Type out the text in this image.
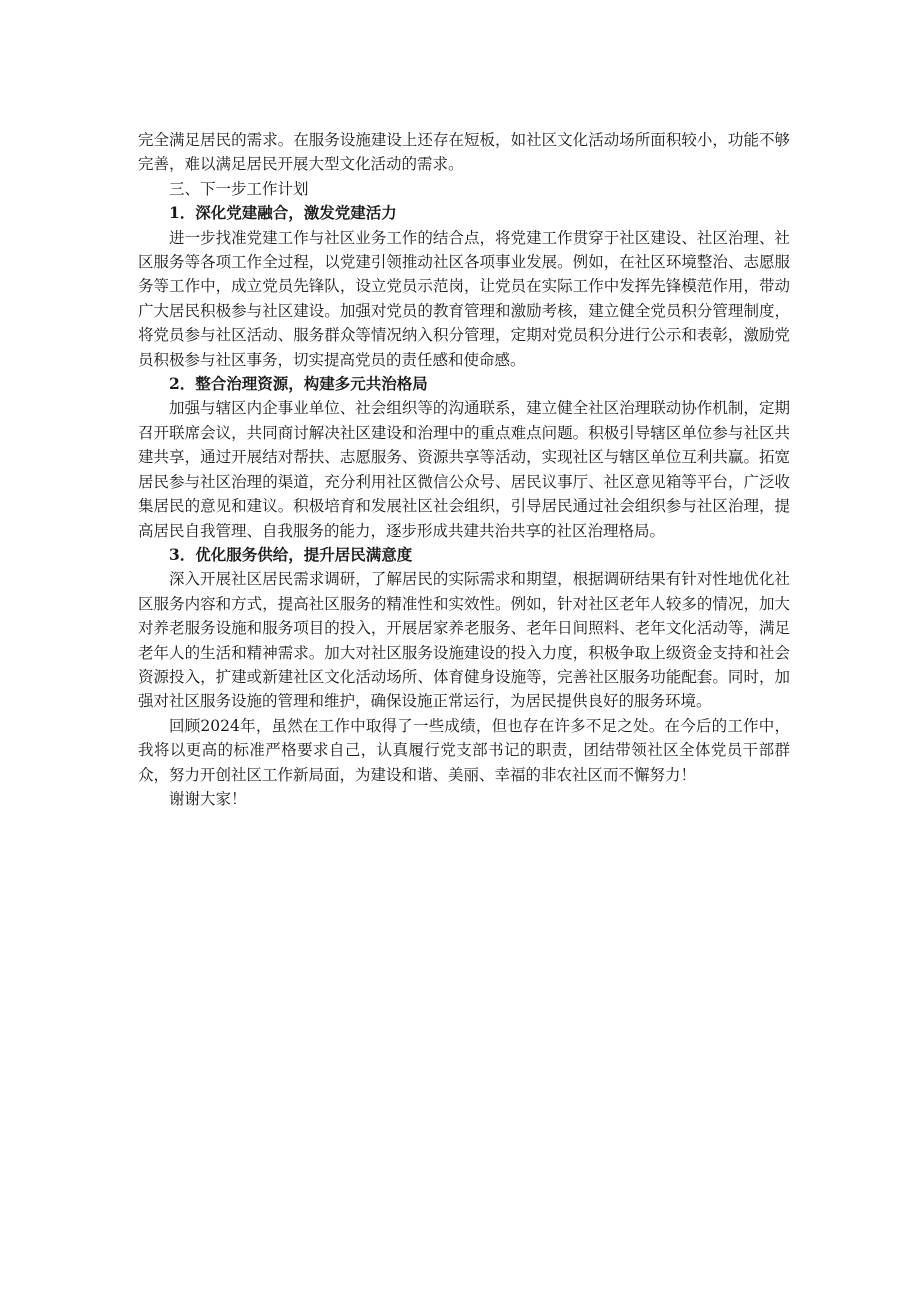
完全满足居民的需求。在服务设施建设上还存在短板，如社区文化活动场所面积较小，功能不够完善，难以满足居民开展大型文化活动的需求。

三、下一步工作计划

1．深化党建融合，激发党建活力

进一步找准党建工作与社区业务工作的结合点，将党建工作贯穿于社区建设、社区治理、社区服务等各项工作全过程，以党建引领推动社区各项事业发展。例如，在社区环境整治、志愿服务等工作中，成立党员先锋队，设立党员示范岗，让党员在实际工作中发挥先锋模范作用，带动广大居民积极参与社区建设。加强对党员的教育管理和激励考核，建立健全党员积分管理制度，将党员参与社区活动、服务群众等情况纳入积分管理，定期对党员积分进行公示和表彰，激励党员积极参与社区事务，切实提高党员的责任感和使命感。

2．整合治理资源，构建多元共治格局

加强与辖区内企事业单位、社会组织等的沟通联系，建立健全社区治理联动协作机制，定期召开联席会议，共同商讨解决社区建设和治理中的重点难点问题。积极引导辖区单位参与社区共建共享，通过开展结对帮扶、志愿服务、资源共享等活动，实现社区与辖区单位互利共赢。拓宽居民参与社区治理的渠道，充分利用社区微信公众号、居民议事厅、社区意见箱等平台，广泛收集居民的意见和建议。积极培育和发展社区社会组织，引导居民通过社会组织参与社区治理，提高居民自我管理、自我服务的能力，逐步形成共建共治共享的社区治理格局。

3．优化服务供给，提升居民满意度

深入开展社区居民需求调研，了解居民的实际需求和期望，根据调研结果有针对性地优化社区服务内容和方式，提高社区服务的精准性和实效性。例如，针对社区老年人较多的情况，加大对养老服务设施和服务项目的投入，开展居家养老服务、老年日间照料、老年文化活动等，满足老年人的生活和精神需求。加大对社区服务设施建设的投入力度，积极争取上级资金支持和社会资源投入，扩建或新建社区文化活动场所、体育健身设施等，完善社区服务功能配套。同时，加强对社区服务设施的管理和维护，确保设施正常运行，为居民提供良好的服务环境。

回顾2024年，虽然在工作中取得了一些成绩，但也存在许多不足之处。在今后的工作中，我将以更高的标准严格要求自己，认真履行党支部书记的职责，团结带领社区全体党员干部群众，努力开创社区工作新局面，为建设和谐、美丽、幸福的非农社区而不懈努力！

谢谢大家！
